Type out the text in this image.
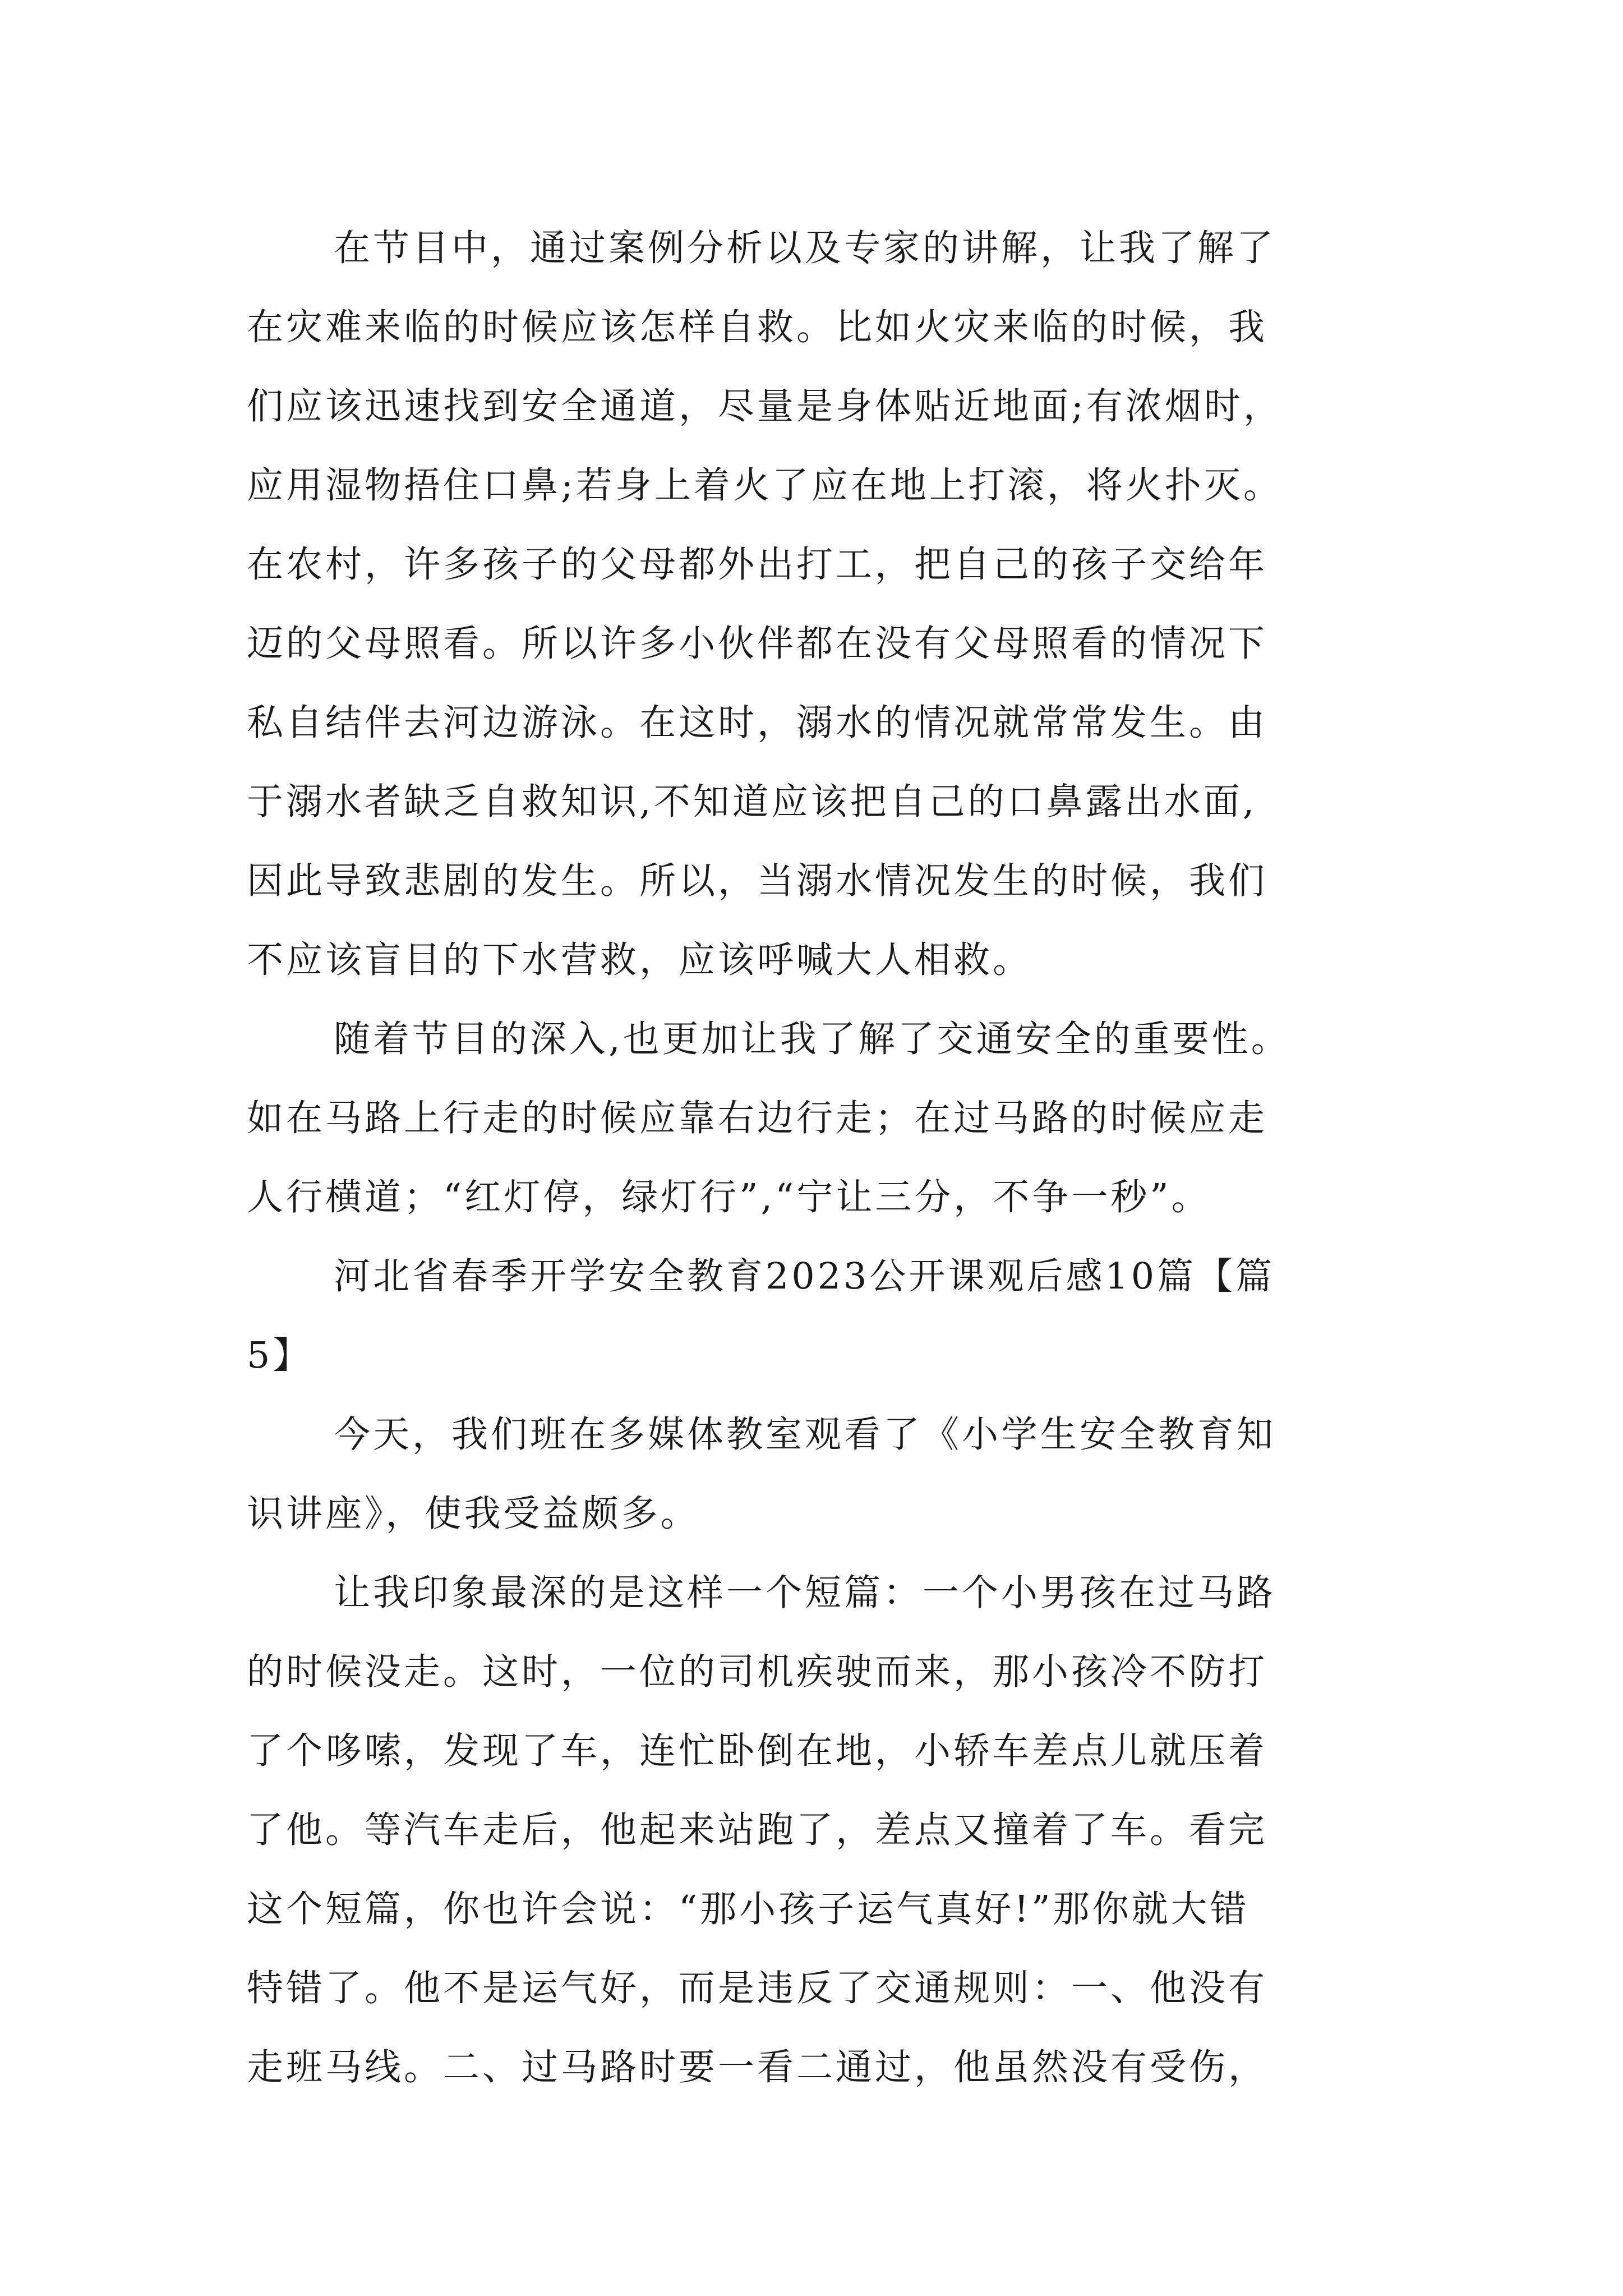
在节目中，通过案例分析以及专家的讲解，让我了解了
在灾难来临的时候应该怎样自救。比如火灾来临的时候，我
们应该迅速找到安全通道，尽量是身体贴近地面;有浓烟时，
应用湿物捂住口鼻;若身上着火了应在地上打滚，将火扑灭。
在农村，许多孩子的父母都外出打工，把自己的孩子交给年
迈的父母照看。所以许多小伙伴都在没有父母照看的情况下
私自结伴去河边游泳。在这时，溺水的情况就常常发生。由
于溺水者缺乏自救知识,不知道应该把自己的口鼻露出水面,
因此导致悲剧的发生。所以，当溺水情况发生的时候，我们
不应该盲目的下水营救，应该呼喊大人相救。
随着节目的深入,也更加让我了解了交通安全的重要性。
如在马路上行走的时候应靠右边行走；在过马路的时候应走
人行横道；“红灯停，绿灯行”,“宁让三分，不争一秒”。
河北省春季开学安全教育2023公开课观后感10篇【篇
5】
今天，我们班在多媒体教室观看了《小学生安全教育知
识讲座》，使我受益颇多。
让我印象最深的是这样一个短篇：一个小男孩在过马路
的时候没走。这时，一位的司机疾驶而来，那小孩冷不防打
了个哆嗦，发现了车，连忙卧倒在地，小轿车差点儿就压着
了他。等汽车走后，他起来站跑了，差点又撞着了车。看完
这个短篇，你也许会说：“那小孩子运气真好!”那你就大错
特错了。他不是运气好，而是违反了交通规则：一、他没有
走班马线。二、过马路时要一看二通过，他虽然没有受伤，
